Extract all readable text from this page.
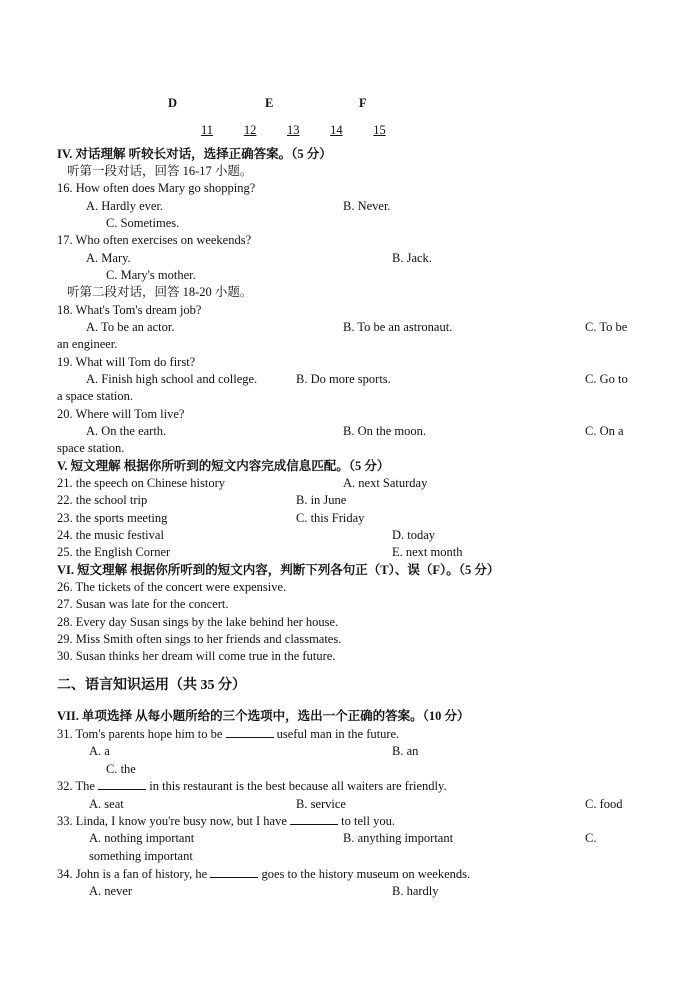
D	E	F
11 12 13 14 15
IV. 对话理解 听较长对话，选择正确答案。（5 分）
听第一段对话，回答 16-17 小题。
16. How often does Mary go shopping?
A. Hardly ever.	B. Never.
C. Sometimes.
17. Who often exercises on weekends?
A. Mary.	B. Jack.
C. Mary's mother.
听第二段对话，回答 18-20 小题。
18. What's Tom's dream job?
A. To be an actor.	B. To be an astronaut.	C. To be
an engineer.
19. What will Tom do first?
A. Finish high school and college.	B. Do more sports.	C. Go to
a space station.
20. Where will Tom live?
A. On the earth.	B. On the moon.	C. On a
space station.
V. 短文理解 根据你所听到的短文内容完成信息匹配。（5 分）
21. the speech on Chinese history	A. next Saturday
22. the school trip	B. in June
23. the sports meeting	C. this Friday
24. the music festival	D. today
25. the English Corner	E. next month
VI. 短文理解 根据你所听到的短文内容，判断下列各句正（T）、误（F）。（5 分）
26. The tickets of the concert were expensive.
27. Susan was late for the concert.
28. Every day Susan sings by the lake behind her house.
29. Miss Smith often sings to her friends and classmates.
30. Susan thinks her dream will come true in the future.
二、语言知识运用（共 35 分）
VII. 单项选择 从每小题所给的三个选项中，选出一个正确的答案。（10 分）
31. Tom's parents hope him to be	useful man in the future.
A. a	B. an
C. the
32. The	in this restaurant is the best because all waiters are friendly.
A. seat	B. service	C. food
33. Linda, I know you're busy now, but I have	to tell you.
A. nothing important	B. anything important	C.
something important
34. John is a fan of history, he	goes to the history museum on weekends.
A. never	B. hardly
